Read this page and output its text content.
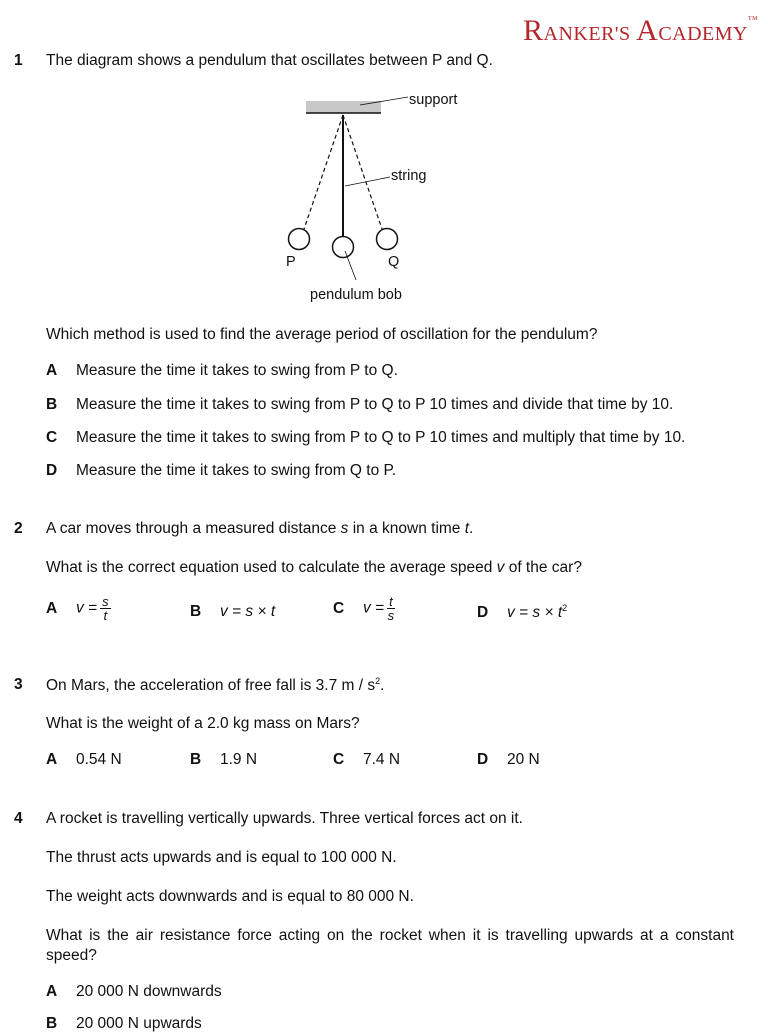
RANKER'S ACADEMY™
1 The diagram shows a pendulum that oscillates between P and Q.
support
string
P	Q
pendulum bob
Which method is used to find the average period of oscillation for the pendulum?
A Measure the time it takes to swing from P to Q.
B Measure the time it takes to swing from P to Q to P 10 times and divide that time by 10.
C Measure the time it takes to swing from P to Q to P 10 times and multiply that time by 10.
D Measure the time it takes to swing from Q to P.
2 A car moves through a measured distance s in a known time t.
What is the correct equation used to calculate the average speed v of the car?
A $v = \frac{s}{t}$	B v = s × t	C $v = \frac{t}{s}$	D $v = s \times t^2$
3 On Mars, the acceleration of free fall is 3.7 m / $s^2$.
What is the weight of a 2.0 kg mass on Mars?
A 0.54 N	B 1.9 N	C 7.4 N	D 20 N
4 A rocket is travelling vertically upwards. Three vertical forces act on it.
The thrust acts upwards and is equal to 100 000 N.
The weight acts downwards and is equal to 80 000 N.
What is the air resistance force acting on the rocket when it is travelling upwards at a constant speed?
A 20 000 N downwards
B 20 000 N upwards
